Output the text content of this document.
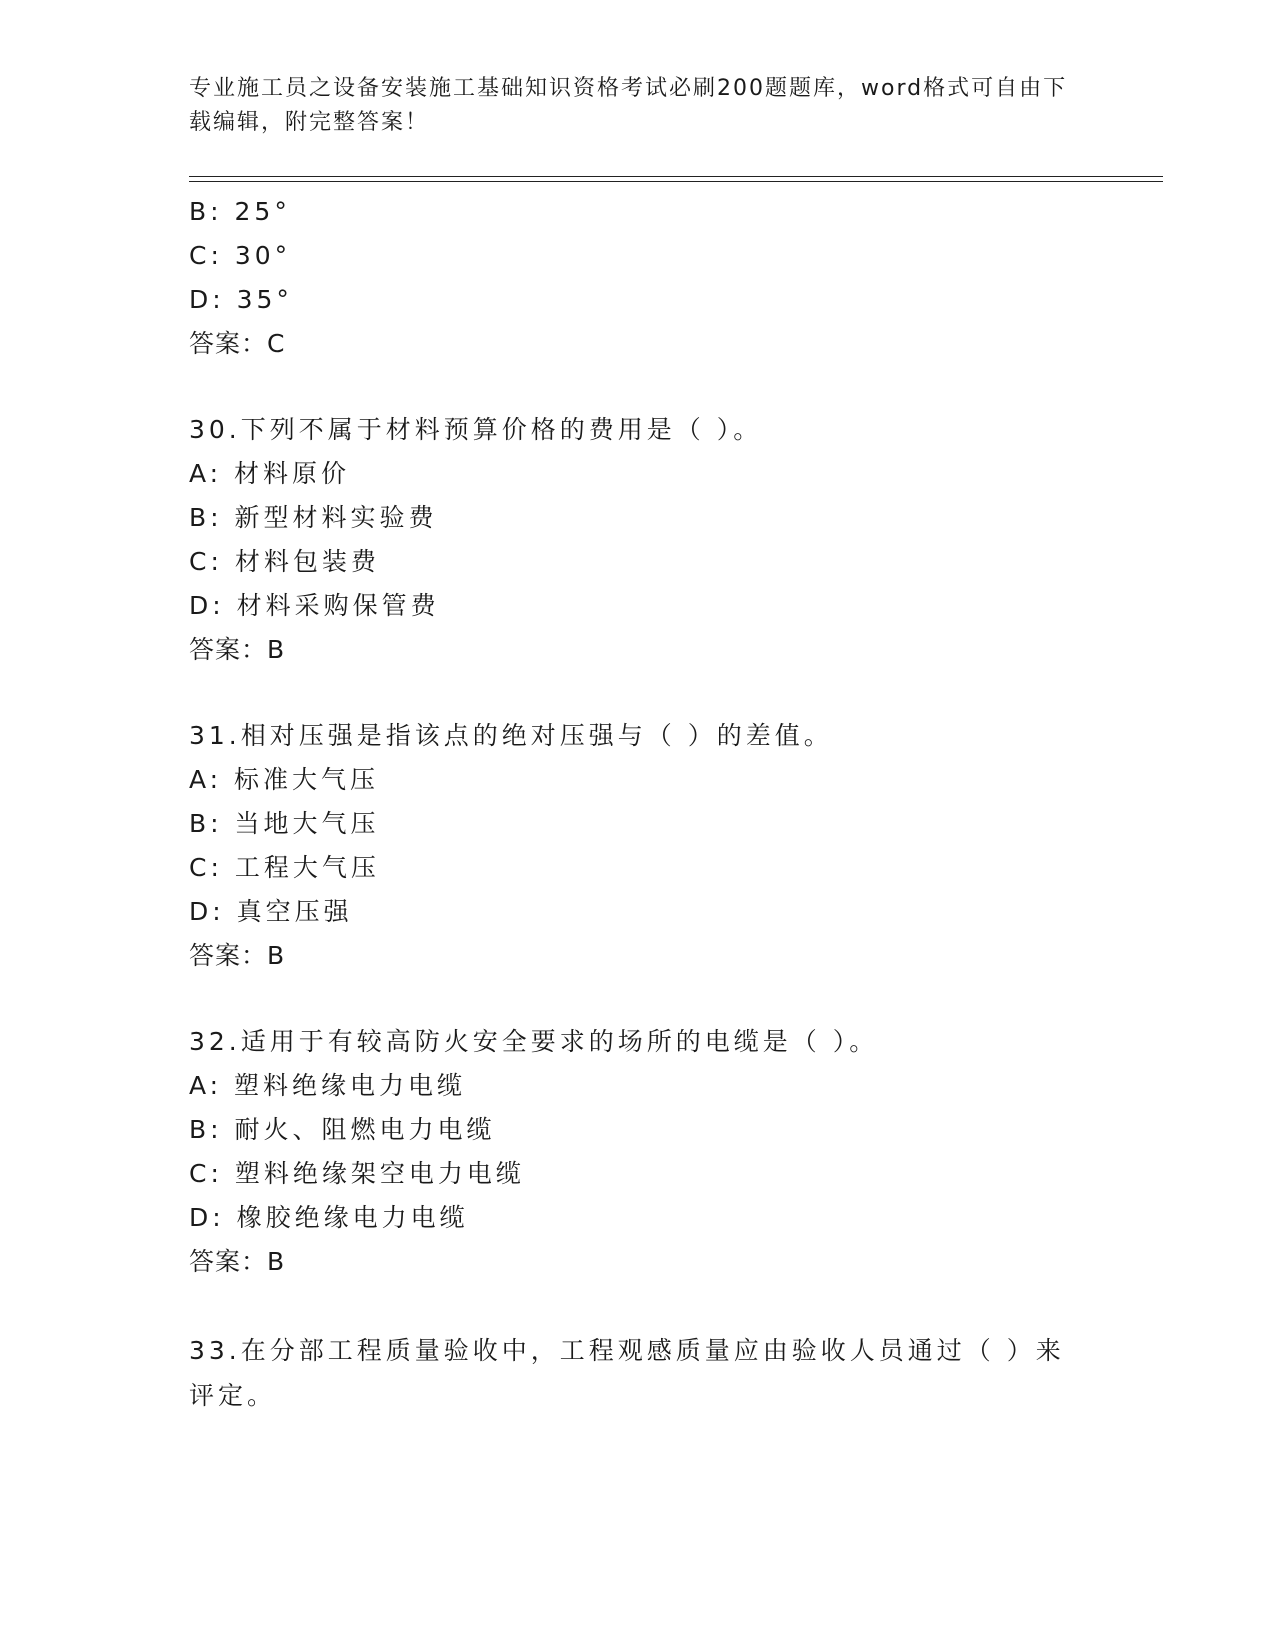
专业施工员之设备安装施工基础知识资格考试必刷200题题库，word格式可自由下载编辑，附完整答案！
B: 25°
C: 30°
D: 35°
答案：C
30.下列不属于材料预算价格的费用是（ ）。
A: 材料原价
B: 新型材料实验费
C: 材料包装费
D: 材料采购保管费
答案：B
31.相对压强是指该点的绝对压强与（ ）的差值。
A: 标准大气压
B: 当地大气压
C: 工程大气压
D: 真空压强
答案：B
32.适用于有较高防火安全要求的场所的电缆是（ ）。
A: 塑料绝缘电力电缆
B: 耐火、阻燃电力电缆
C: 塑料绝缘架空电力电缆
D: 橡胶绝缘电力电缆
答案：B
33.在分部工程质量验收中，工程观感质量应由验收人员通过（ ）来评定。
